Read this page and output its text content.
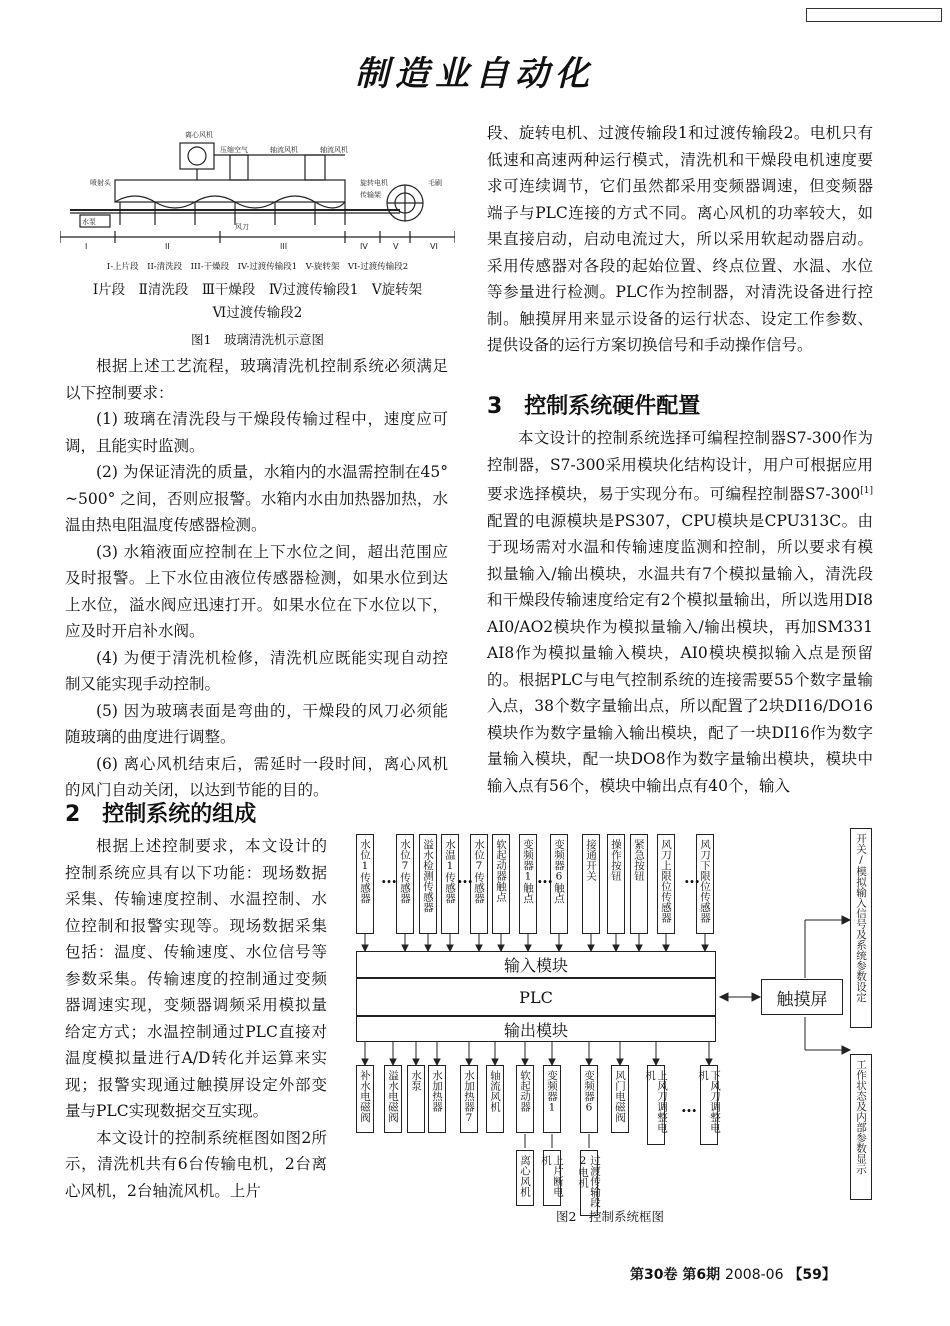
制造业自动化
离心风机
压缩空气	轴流风机	轴流风机
喷射头	旋转电机	毛刷
传输架
水泵
风刀
I	II	III	IV	V	VI
I-上片段　II-清洗段　III-干燥段　IV-过渡传输段1　V-旋转架　VI-过渡传输段2
Ⅰ片段　Ⅱ清洗段　Ⅲ干燥段　Ⅳ过渡传输段1　Ⅴ旋转架
Ⅵ过渡传输段2
图1　玻璃清洗机示意图

根据上述工艺流程，玻璃清洗机控制系统必须满足以下控制要求：

(1) 玻璃在清洗段与干燥段传输过程中，速度应可调，且能实时监测。

(2) 为保证清洗的质量，水箱内的水温需控制在45° ~500° 之间，否则应报警。水箱内水由加热器加热，水温由热电阻温度传感器检测。

(3) 水箱液面应控制在上下水位之间，超出范围应及时报警。上下水位由液位传感器检测，如果水位到达上水位，溢水阀应迅速打开。如果水位在下水位以下，应及时开启补水阀。

(4) 为便于清洗机检修，清洗机应既能实现自动控制又能实现手动控制。

(5) 因为玻璃表面是弯曲的，干燥段的风刀必须能随玻璃的曲度进行调整。

(6) 离心风机结束后，需延时一段时间，离心风机的风门自动关闭，以达到节能的目的。

2　控制系统的组成

根据上述控制要求，本文设计的控制系统应具有以下功能：现场数据采集、传输速度控制、水温控制、水位控制和报警实现等。现场数据采集包括：温度、传输速度、水位信号等参数采集。传输速度的控制通过变频器调速实现，变频器调频采用模拟量给定方式；水温控制通过PLC直接对温度模拟量进行A/D转化并运算来实现；报警实现通过触摸屏设定外部变量与PLC实现数据交互实现。

本文设计的控制系统框图如图2所示，清洗机共有6台传输电机，2台离心风机，2台轴流风机。上片

段、旋转电机、过渡传输段1和过渡传输段2。电机只有低速和高速两种运行模式，清洗机和干燥段电机速度要求可连续调节，它们虽然都采用变频器调速，但变频器端子与PLC连接的方式不同。离心风机的功率较大，如果直接启动，启动电流过大，所以采用软起动器启动。采用传感器对各段的起始位置、终点位置、水温、水位等参量进行检测。PLC作为控制器，对清洗设备进行控制。触摸屏用来显示设备的运行状态、设定工作参数、提供设备的运行方案切换信号和手动操作信号。

3　控制系统硬件配置

本文设计的控制系统选择可编程控制器S7-300作为控制器，S7-300采用模块化结构设计，用户可根据应用要求选择模块，易于实现分布。可编程控制器S7-300[1]配置的电源模块是PS307，CPU模块是CPU313C。由于现场需对水温和传输速度监测和控制，所以要求有模拟量输入/输出模块，水温共有7个模拟量输入，清洗段和干燥段传输速度给定有2个模拟量输出，所以选用DI8 AI0/AO2模块作为模拟量输入/输出模块，再加SM331 AI8作为模拟量输入模块，AI0模块模拟输入点是预留的。根据PLC与电气控制系统的连接需要55个数字量输入点，38个数字量输出点，所以配置了2块DI16/DO16模块作为数字量输入输出模块，配了一块DI16作为数字量输入模块，配一块DO8作为数字量输出模块，模块中输入点有56个，模块中输出点有40个，输入

输入模块
PLC
输出模块
触摸屏	开关/模拟输入信号及系统参数设定
工作状态及内部参数显示
水位1传感器	水位7传感器 溢水检测传感器 水温1传感器 水位7传感器 软起动器触点 变频器1触点 变频器6触点 接通开关 操作按钮 紧急按钮 风刀上限位传感器	风刀下限位传感器
补水电磁阀 溢水电磁阀 水泵 水加热器 水加热器7 轴流风机 软起动器 变频器1 变频器6 风门电磁阀	上风刀调整电机	下风刀调整电机
离心风机	上片断电机	过渡传输段2电机
…	…	…	…
…
图2　控制系统框图
第30卷 第6期 2008-06 【59】
